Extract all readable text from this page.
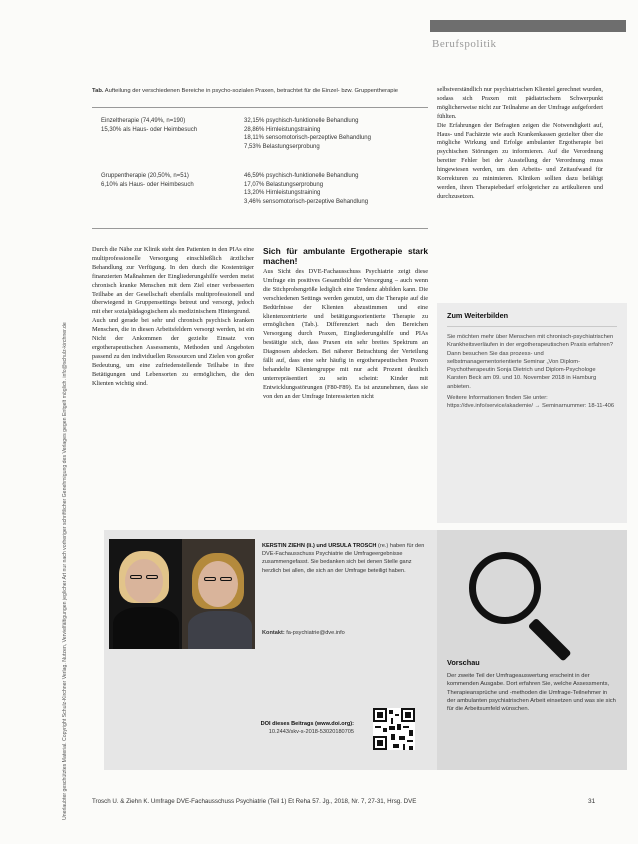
Berufspolitik
Unerlaubter geschütztes Material. Copyright Schulz-Kirchner Verlag. Nutzen, Vervielfältigungen jeglicher Art nur nach vorheriger schriftlicher Genehmigung des Verlages gegen Entgelt möglich. info@schulz-kirchner.de
Tab. Aufteilung der verschiedenen Bereiche in psycho-sozialen Praxen, betrachtet für die Einzel- bzw. Gruppentherapie
Einzeltherapie (74,49%, n=190)
15,30% als Haus- oder Heimbesuch
32,15% psychisch-funktionelle Behandlung
28,86% Hirnleistungstraining
18,11% sensomotorisch-perzeptive Behandlung
7,53% Belastungserprobung
Gruppentherapie (20,50%, n=51)
6,10% als Haus- oder Heimbesuch
46,59% psychisch-funktionelle Behandlung
17,07% Belastungserprobung
13,20% Hirnleistungstraining
3,46% sensomotorisch-perzeptive Behandlung

Durch die Nähe zur Klinik steht den Patienten in den PIAs eine multiprofessionelle Versorgung einschließlich ärztlicher Behandlung zur Verfügung. In den durch die Kostenträger finanzierten Maßnahmen der Eingliederungshilfe werden meist chronisch kranke Menschen mit dem Ziel einer verbesserten Teilhabe an der Gesellschaft ebenfalls multiprofessionell und überwiegend in Gruppensettings betreut und versorgt, jedoch mit eher sozialpädagogischem als medizinischem Hintergrund.

Auch und gerade bei sehr und chronisch psychisch kranken Menschen, die in diesen Arbeitsfeldern versorgt werden, ist ein Nicht der Ankommen der gezielte Einsatz von ergotherapeutischen Assessments, Methoden und Angeboten passend zu den individuellen Ressourcen und Zielen von großer Bedeutung, um eine zufriedenstellende Teilhabe in ihre Betätigungen und Lebensorten zu ermöglichen, die den Klienten wichtig sind.

Sich für ambulante Ergotherapie stark machen!

Aus Sicht des DVE-Fachausschuss Psychiatrie zeigt diese Umfrage ein positives Gesamtbild der Versorgung – auch wenn die Stichprobengröße lediglich eine Tendenz abbilden kann. Die verschiedenen Settings werden genutzt, um die Therapie auf die Bedürfnisse der Klienten abzustimmen und eine klientenzentrierte und betätigungsorientierte Therapie zu ermöglichen (Tab.). Differenziert nach den Bereichen Versorgung durch Praxen, Eingliederungshilfe und PIAs bestätigte sich, dass Praxen ein sehr breites Spektrum an Diagnosen abdecken. Bei näherer Betrachtung der Verteilung fällt auf, dass eine sehr häufig in ergotherapeutischen Praxen behandelte Klientengruppe mit nur acht Prozent deutlich unterrepräsentiert zu sein scheint: Kinder mit Entwicklungsstörungen (F80-F89). Es ist anzunehmen, dass sie von den an der Umfrage Interessierten nicht

selbstverständlich nur psychiatrischen Klientel gerechnet wurden, sodass sich Praxen mit pädiatrischem Schwerpunkt möglicherweise nicht zur Teilnahme an der Umfrage aufgefordert fühlten.

Die Erfahrungen der Befragten zeigen die Notwendigkeit auf, Haus- und Fachärzte wie auch Krankenkassen gezielter über die mögliche Wirkung und Erfolge ambulanter Ergotherapie bei psychischen Störungen zu informieren. Auf die Verordnung bereiter Fehler bei der Ausstellung der Verordnung muss hingewiesen werden, um den Arbeits- und Zeitaufwand für Korrekturen zu minimieren. Kliniken sollten dazu befähigt werden, ihren Therapiebedarf erfolgreicher zu artikulieren und durchzusetzen.

Zum Weiterbilden
Sie möchten mehr über Menschen mit chronisch-psychiatrischen Krankheitsverläufen in der ergotherapeutischen Praxis erfahren? Dann besuchen Sie das prozess- und selbstmanagementorientierte Seminar „Von Diplom-Psychotherapeutin Sonja Dietrich und Diplom-Psychologe Karsten Beck am 09. und 10. November 2018 in Hamburg anbieten.
Weitere Informationen finden Sie unter: https://dve.info/service/akademie/ → Seminarnummer: 18-11-406
KERSTIN ZIEHN (li.) und URSULA TROSCH (re.) haben für den DVE-Fachausschuss Psychiatrie die Umfrageergebnisse zusammengefasst. Sie bedanken sich bei denen Stelle ganz herzlich bei allen, die sich an der Umfrage beteiligt haben.
Kontakt: fa-psychiatrie@dve.info
DOI dieses Beitrags (www.doi.org):
10.2443/skv-s-2018-53020180705
Vorschau
Der zweite Teil der Umfrageauswertung erscheint in der kommenden Ausgabe. Dort erfahren Sie, welche Assessments, Therapieansprüche und -methoden die Umfrage-Teilnehmer in der ambulanten psychiatrischen Arbeit einsetzen und was sie sich für die Arbeitsumfeld wünschen.
Trosch U. & Ziehn K. Umfrage DVE-Fachausschuss Psychiatrie (Teil 1) Et Reha 57. Jg., 2018, Nr. 7, 27-31, Hrsg. DVE	31
